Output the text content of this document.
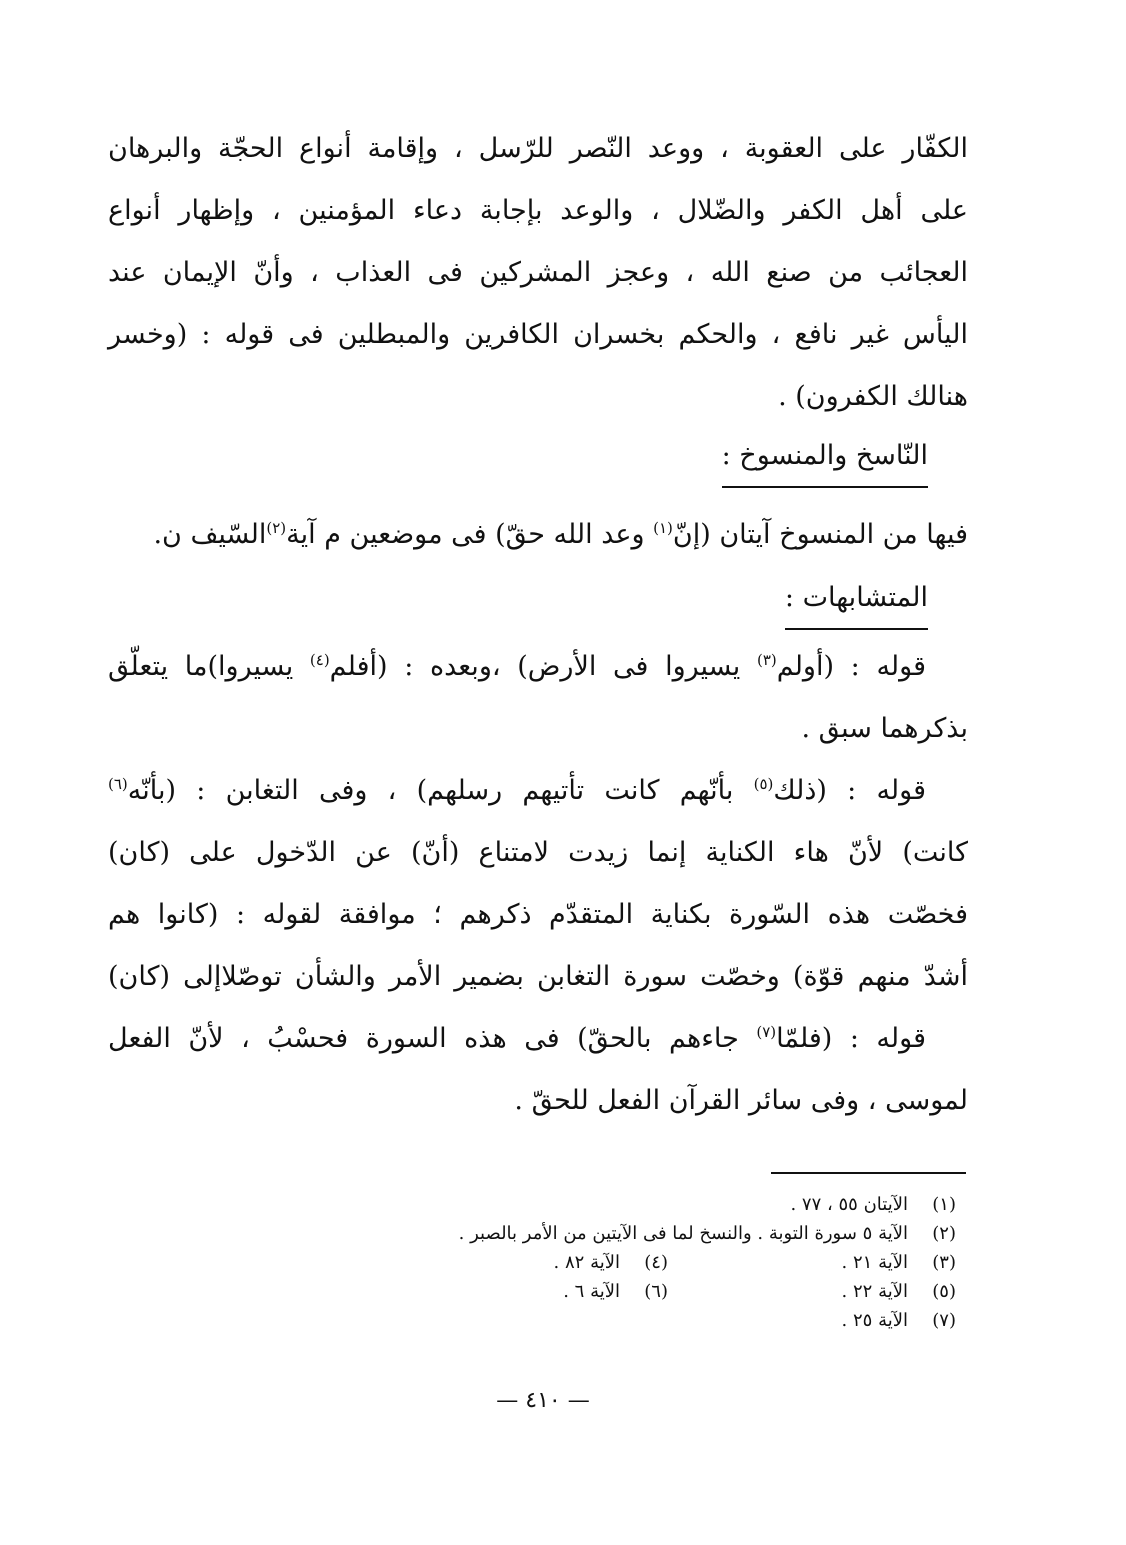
الكفّار على العقوبة ، ووعد النّصر للرّسل ، وإقامة أنواع الحجّة والبرهان
على أهل الكفر والضّلال ، والوعد بإجابة دعاء المؤمنين ، وإظهار أنواع
العجائب من صنع الله ، وعجز المشركين فى العذاب ، وأنّ الإيمان عند
اليأس غير نافع ، والحكم بخسران الكافرين والمبطلين فى قوله : (وخسر
هنالك الكفرون) .
النّاسخ والمنسوخ :
فيها من المنسوخ آيتان (إنّ$^{(١)}$ وعد الله حقّ) فى موضعين م آية$^{(٢)}$السّيف ن.
المتشابهات :
قوله : (أولم$^{(٣)}$ يسيروا فى الأرض) ،وبعده : (أفلم$^{(٤)}$ يسيروا)ما يتعلّق
بذكرهما سبق .
قوله : (ذلك$^{(٥)}$ بأنّهم كانت تأتيهم رسلهم) ، وفى التغابن : (بأنّه$^{(٦)}$
كانت) لأنّ هاء الكناية إنما زيدت لامتناع (أنّ) عن الدّخول على (كان)
فخصّت هذه السّورة بكناية المتقدّم ذكرهم ؛ موافقة لقوله : (كانوا هم
أشدّ منهم قوّة) وخصّت سورة التغابن بضمير الأمر والشأن توصّلاإلى (كان)
قوله : (فلمّا$^{(٧)}$ جاءهم بالحقّ) فى هذه السورة فحسْبُ ، لأنّ الفعل
لموسى ، وفى سائر القرآن الفعل للحقّ .
(١)الآيتان ٥٥ ، ٧٧ .
(٢)الآية ٥ سورة التوبة . والنسخ لما فى الآيتين من الأمر بالصبر .
(٣)الآية ٢١ .(٤)الآية ٨٢ .
(٥)الآية ٢٢ .(٦)الآية ٦ .
(٧)الآية ٢٥ .
— ٤١٠ —
